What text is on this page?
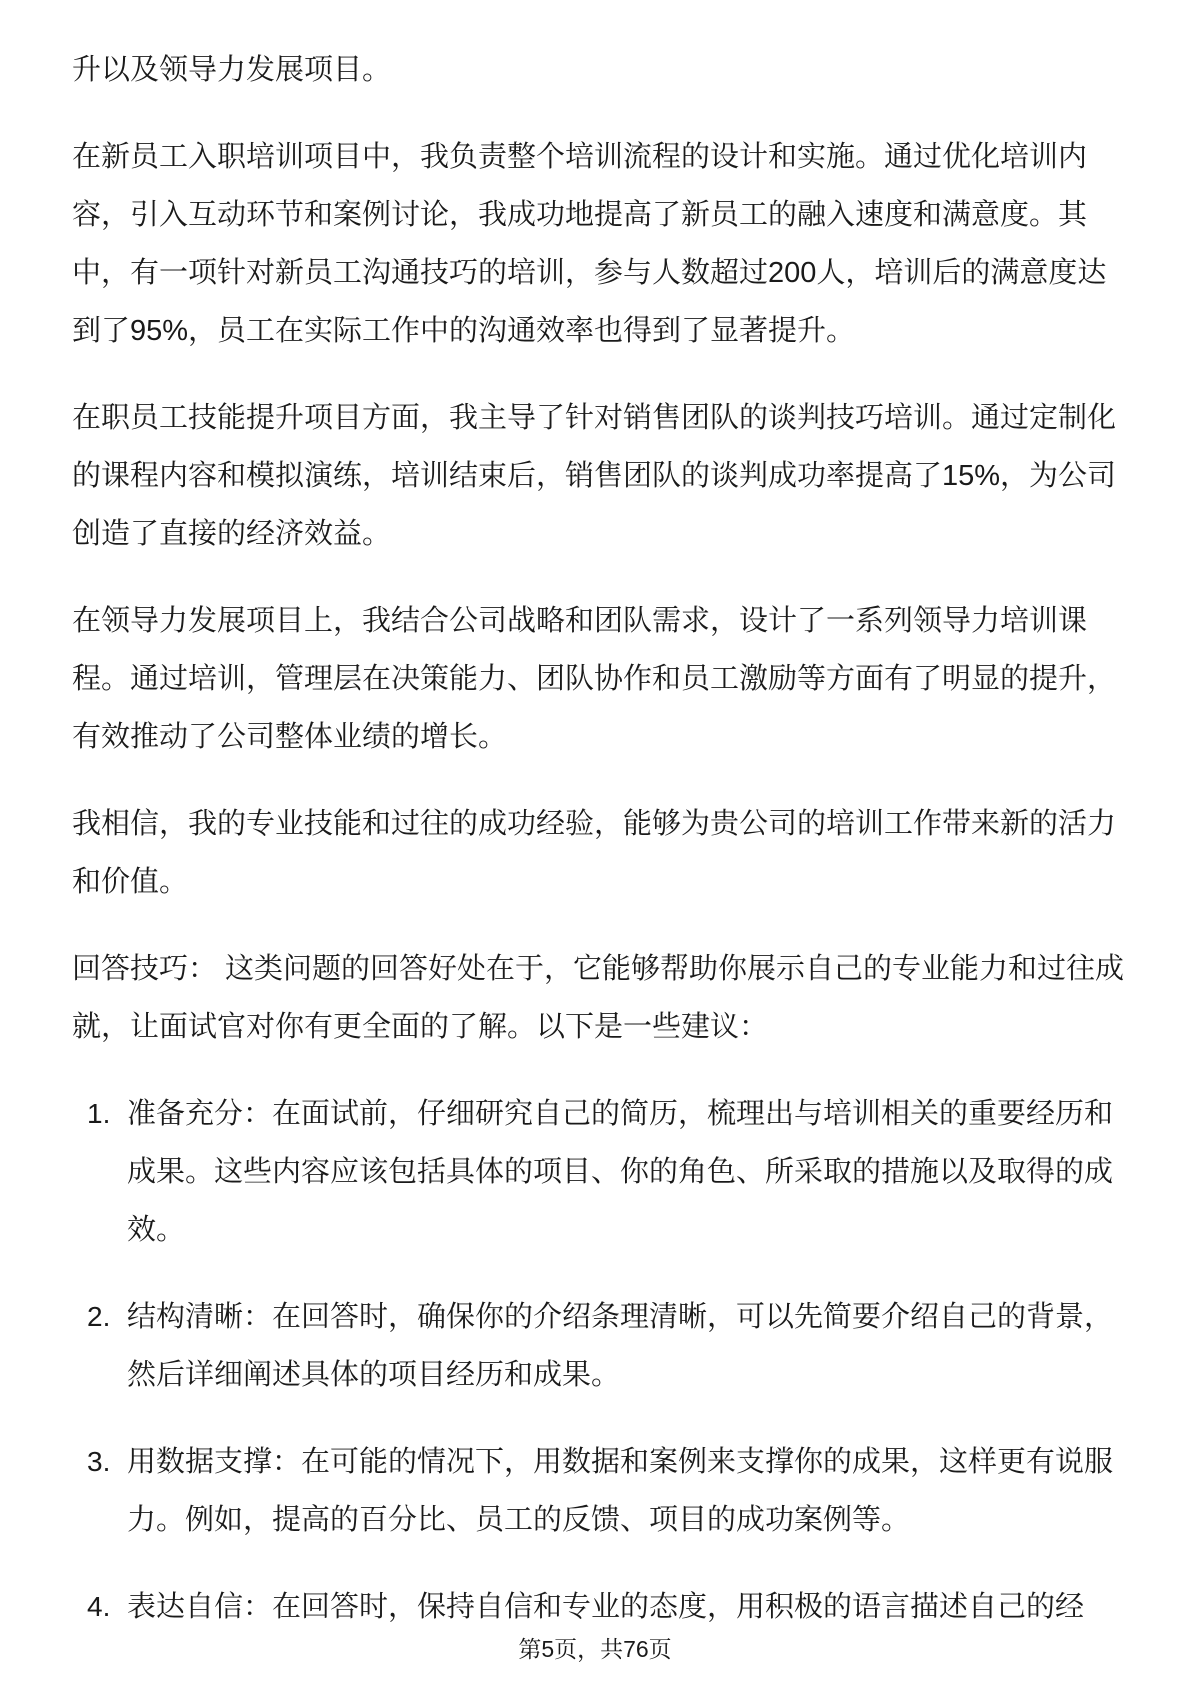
升以及领导力发展项目。
在新员工入职培训项目中，我负责整个培训流程的设计和实施。通过优化培训内
容，引入互动环节和案例讨论，我成功地提高了新员工的融入速度和满意度。其
中，有一项针对新员工沟通技巧的培训，参与人数超过200人，培训后的满意度达
到了95%，员工在实际工作中的沟通效率也得到了显著提升。
在职员工技能提升项目方面，我主导了针对销售团队的谈判技巧培训。通过定制化
的课程内容和模拟演练，培训结束后，销售团队的谈判成功率提高了15%，为公司
创造了直接的经济效益。
在领导力发展项目上，我结合公司战略和团队需求，设计了一系列领导力培训课
程。通过培训，管理层在决策能力、团队协作和员工激励等方面有了明显的提升，
有效推动了公司整体业绩的增长。
我相信，我的专业技能和过往的成功经验，能够为贵公司的培训工作带来新的活力
和价值。
回答技巧： 这类问题的回答好处在于，它能够帮助你展示自己的专业能力和过往成
就，让面试官对你有更全面的了解。以下是一些建议：
1. 准备充分：在面试前，仔细研究自己的简历，梳理出与培训相关的重要经历和
成果。这些内容应该包括具体的项目、你的角色、所采取的措施以及取得的成
效。
2. 结构清晰：在回答时，确保你的介绍条理清晰，可以先简要介绍自己的背景，
然后详细阐述具体的项目经历和成果。
3. 用数据支撑：在可能的情况下，用数据和案例来支撑你的成果，这样更有说服
力。例如，提高的百分比、员工的反馈、项目的成功案例等。
4. 表达自信：在回答时，保持自信和专业的态度，用积极的语言描述自己的经
第5页，共76页
